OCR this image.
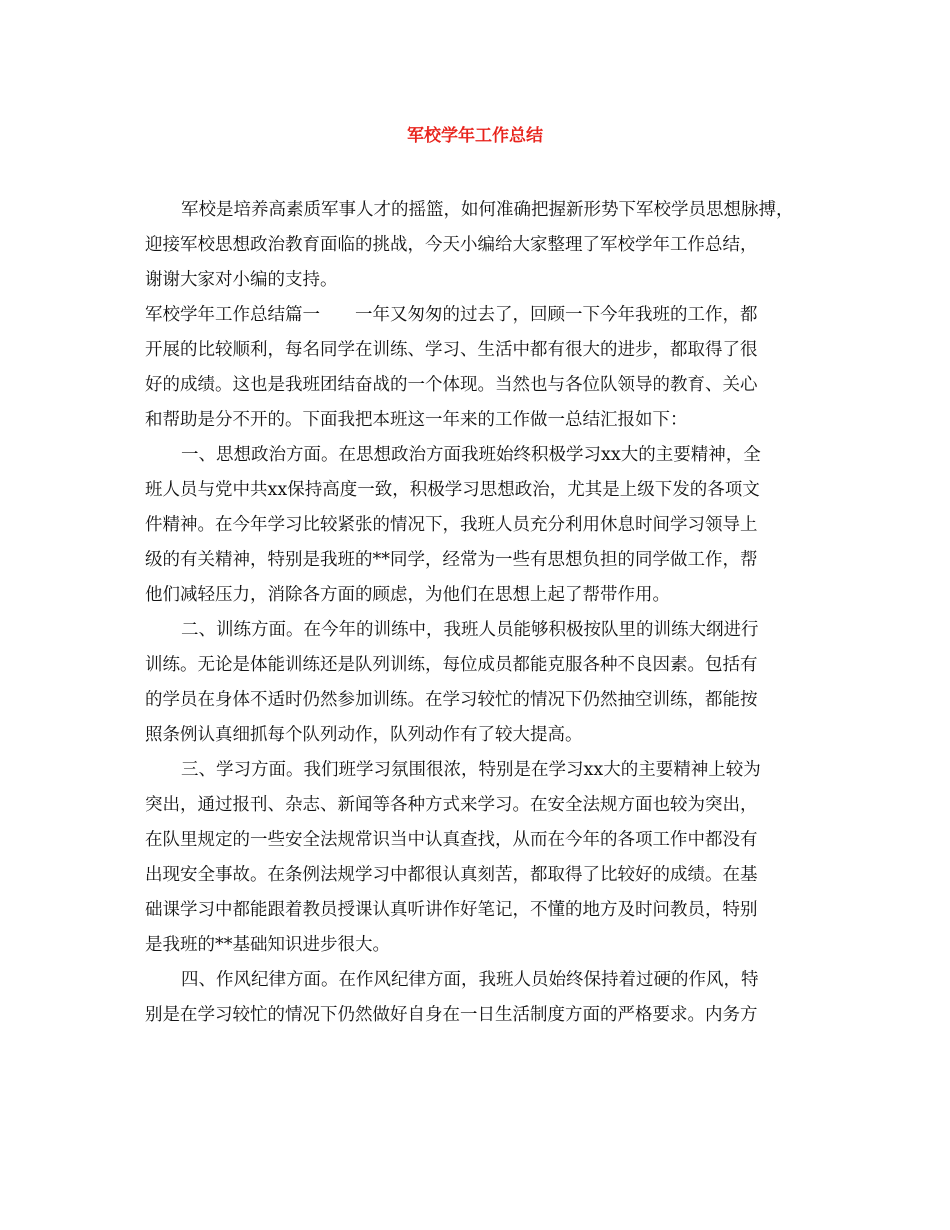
军校学年工作总结
军校是培养高素质军事人才的摇篮，如何准确把握新形势下军校学员思想脉搏，
迎接军校思想政治教育面临的挑战，今天小编给大家整理了军校学年工作总结，
谢谢大家对小编的支持。
军校学年工作总结篇一　　一年又匆匆的过去了，回顾一下今年我班的工作，都
开展的比较顺利，每名同学在训练、学习、生活中都有很大的进步，都取得了很
好的成绩。这也是我班团结奋战的一个体现。当然也与各位队领导的教育、关心
和帮助是分不开的。下面我把本班这一年来的工作做一总结汇报如下：
一、思想政治方面。在思想政治方面我班始终积极学习xx大的主要精神，全
班人员与党中共xx保持高度一致，积极学习思想政治，尤其是上级下发的各项文
件精神。在今年学习比较紧张的情况下，我班人员充分利用休息时间学习领导上
级的有关精神，特别是我班的**同学，经常为一些有思想负担的同学做工作，帮
他们减轻压力，消除各方面的顾虑，为他们在思想上起了帮带作用。
二、训练方面。在今年的训练中，我班人员能够积极按队里的训练大纲进行
训练。无论是体能训练还是队列训练，每位成员都能克服各种不良因素。包括有
的学员在身体不适时仍然参加训练。在学习较忙的情况下仍然抽空训练，都能按
照条例认真细抓每个队列动作，队列动作有了较大提高。
三、学习方面。我们班学习氛围很浓，特别是在学习xx大的主要精神上较为
突出，通过报刊、杂志、新闻等各种方式来学习。在安全法规方面也较为突出，
在队里规定的一些安全法规常识当中认真查找，从而在今年的各项工作中都没有
出现安全事故。在条例法规学习中都很认真刻苦，都取得了比较好的成绩。在基
础课学习中都能跟着教员授课认真听讲作好笔记，不懂的地方及时问教员，特别
是我班的**基础知识进步很大。
四、作风纪律方面。在作风纪律方面，我班人员始终保持着过硬的作风，特
别是在学习较忙的情况下仍然做好自身在一日生活制度方面的严格要求。内务方
